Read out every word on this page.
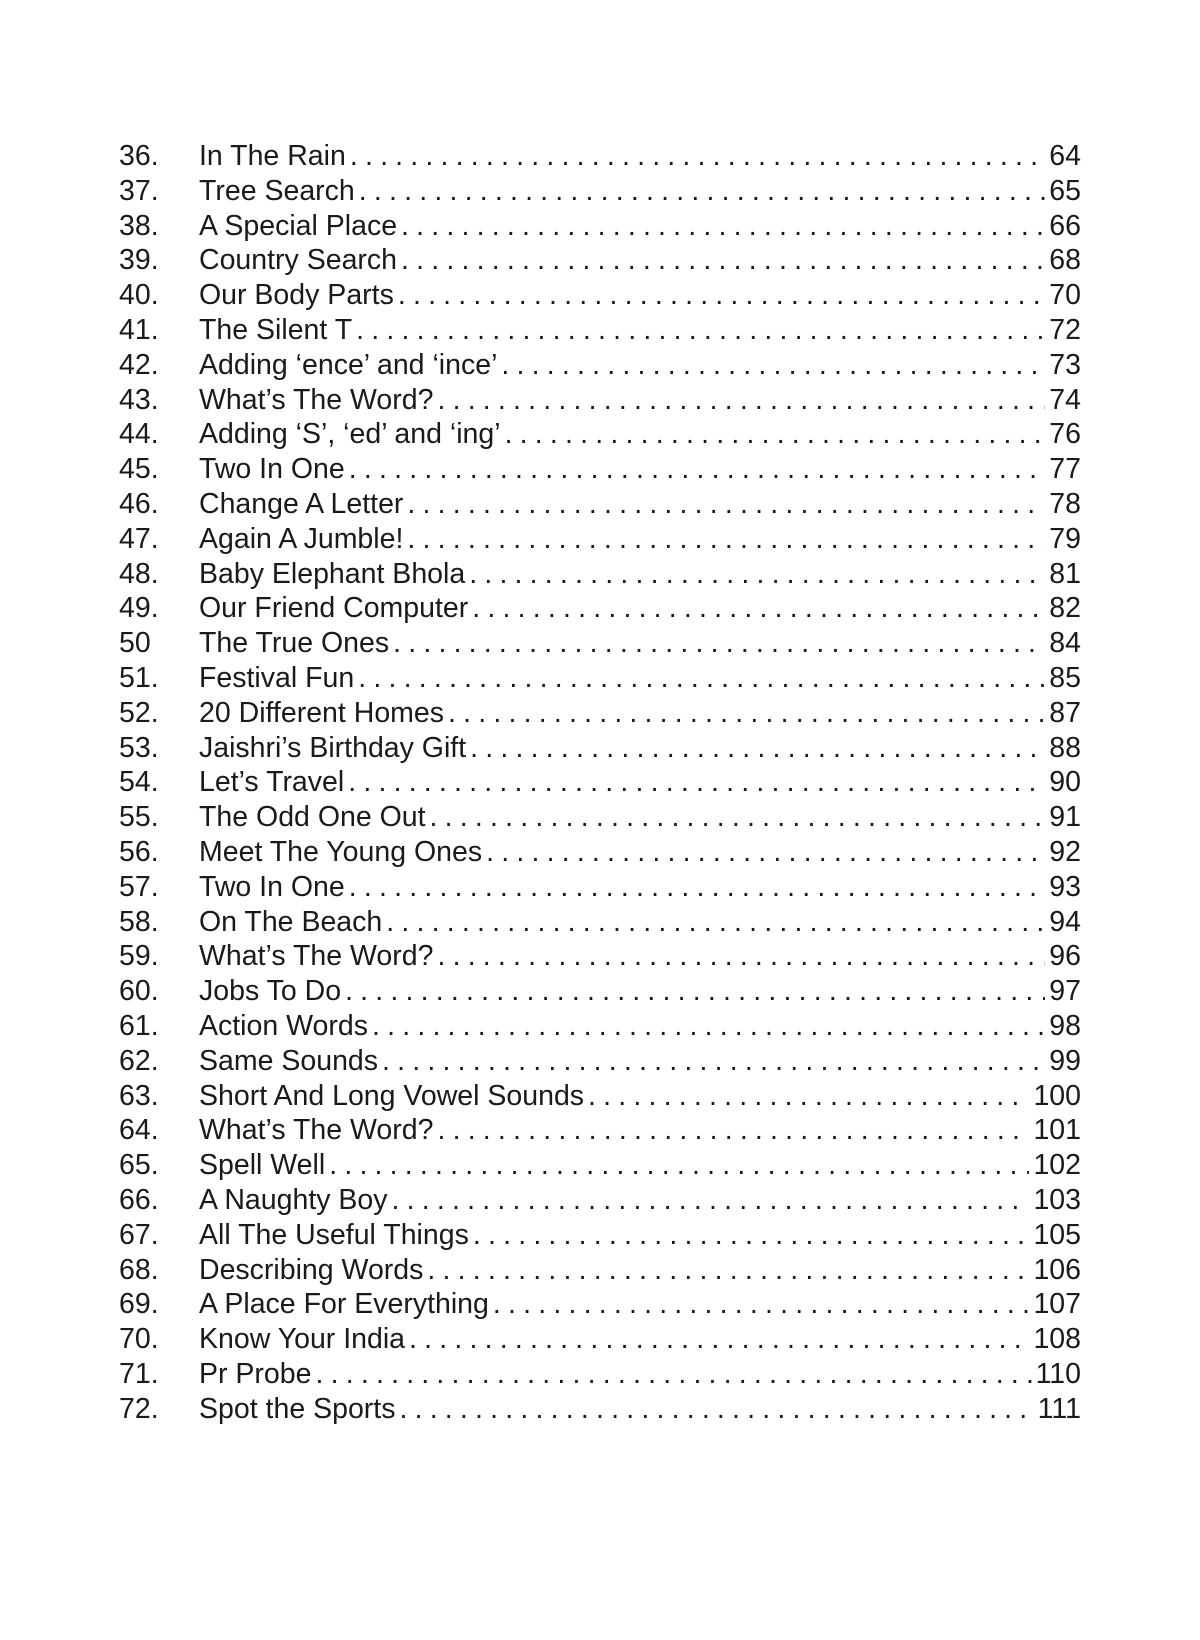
36.	In The Rain .....	64
37.	Tree Search .....	65
38.	A Special Place .....	66
39.	Country Search .....	68
40.	Our Body Parts .....	70
41.	The Silent T .....	72
42.	Adding ‘ence’ and ‘ince’ .....	73
43.	What’s The Word? .....	74
44.	Adding ‘S’, ‘ed’ and ‘ing’ .....	76
45.	Two In One .....	77
46.	Change A Letter .....	78
47.	Again A Jumble! .....	79
48.	Baby Elephant Bhola .....	81
49.	Our Friend Computer .....	82
50	The True Ones .....	84
51.	Festival Fun .....	85
52.	20 Different Homes .....	87
53.	Jaishri’s Birthday Gift .....	88
54.	Let’s Travel .....	90
55.	The Odd One Out .....	91
56.	Meet The Young Ones .....	92
57.	Two In One .....	93
58.	On The Beach .....	94
59.	What’s The Word? .....	96
60.	Jobs To Do .....	97
61.	Action Words .....	98
62.	Same Sounds .....	99
63.	Short And Long Vowel Sounds .....	100
64.	What’s The Word? .....	101
65.	Spell Well .....	102
66.	A Naughty Boy .....	103
67.	All The Useful Things .....	105
68.	Describing Words .....	106
69.	A Place For Everything .....	107
70.	Know Your India .....	108
71.	Pr Probe .....	110
72.	Spot the Sports .....	111
